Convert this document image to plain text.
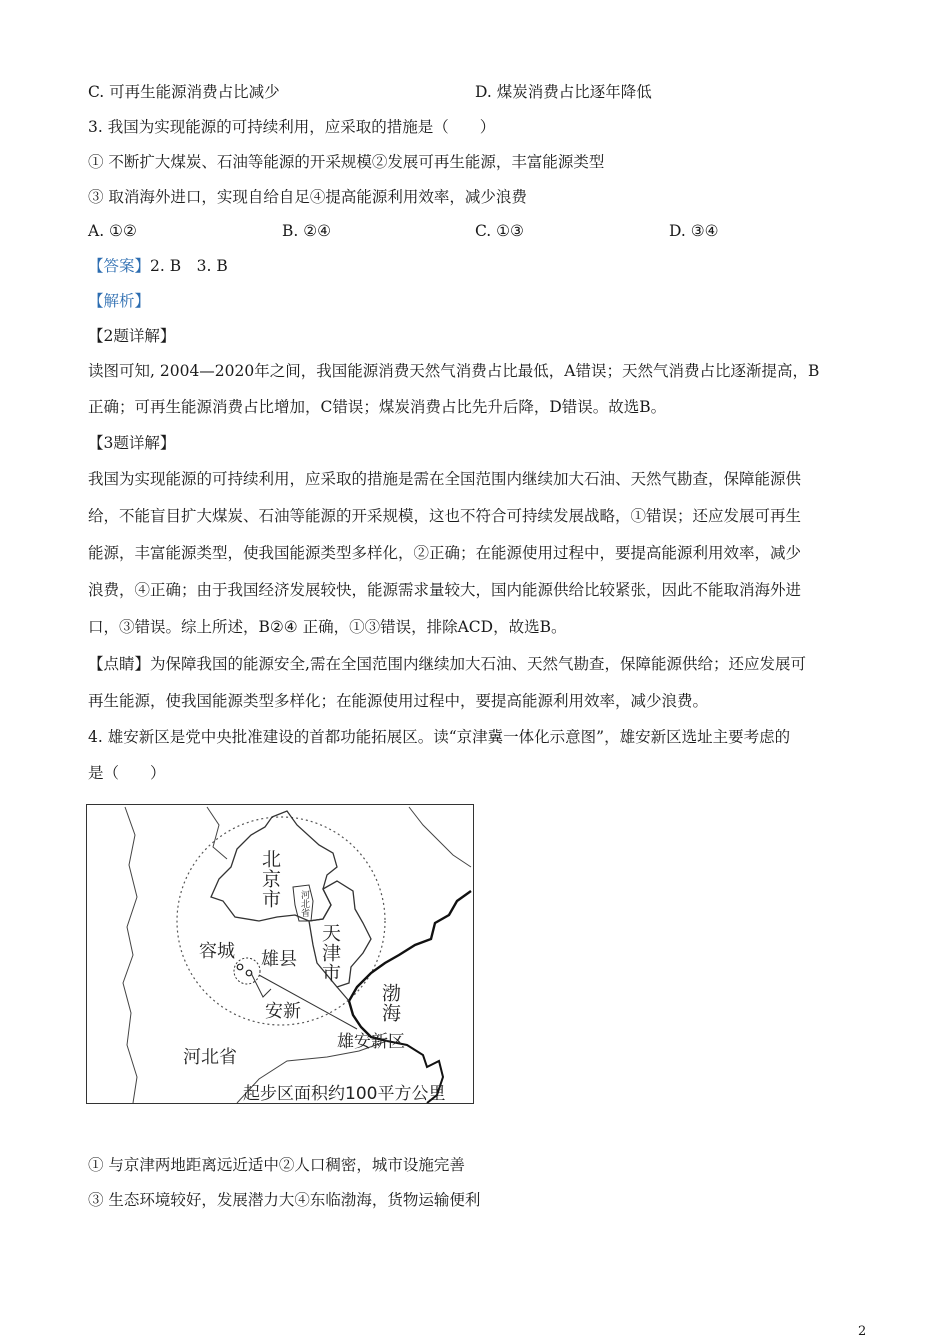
C. 可再生能源消费占比减少	D. 煤炭消费占比逐年降低
3. 我国为实现能源的可持续利用，应采取的措施是（　　）
① 不断扩大煤炭、石油等能源的开采规模②发展可再生能源，丰富能源类型
③ 取消海外进口，实现自给自足④提高能源利用效率，减少浪费
A. ①②	B. ②④	C. ①③	D. ③④
【答案】2. B　3. B
【解析】
【2题详解】
读图可知, 2004—2020年之间，我国能源消费天然气消费占比最低，A错误；天然气消费占比逐渐提高，B
正确；可再生能源消费占比增加，C错误；煤炭消费占比先升后降，D错误。故选B。
【3题详解】
我国为实现能源的可持续利用，应采取的措施是需在全国范围内继续加大石油、天然气勘查，保障能源供
给，不能盲目扩大煤炭、石油等能源的开采规模，这也不符合可持续发展战略，①错误；还应发展可再生
能源，丰富能源类型，使我国能源类型多样化，②正确；在能源使用过程中，要提高能源利用效率，减少
浪费，④正确；由于我国经济发展较快，能源需求量较大，国内能源供给比较紧张，因此不能取消海外进
口，③错误。综上所述，B②④ 正确，①③错误，排除ACD，故选B。
【点睛】为保障我国的能源安全,需在全国范围内继续加大石油、天然气勘查，保障能源供给；还应发展可
再生能源，使我国能源类型多样化；在能源使用过程中，要提高能源利用效率，减少浪费。
4. 雄安新区是党中央批准建设的首都功能拓展区。读“京津冀一体化示意图”，雄安新区选址主要考虑的
是（　　）
北京市	河北省
天津市
容城 雄县
安新	渤海
河北省
雄安新区
起步区面积约100平方公里
① 与京津两地距离远近适中②人口稠密，城市设施完善
③ 生态环境较好，发展潜力大④东临渤海，货物运输便利
2
